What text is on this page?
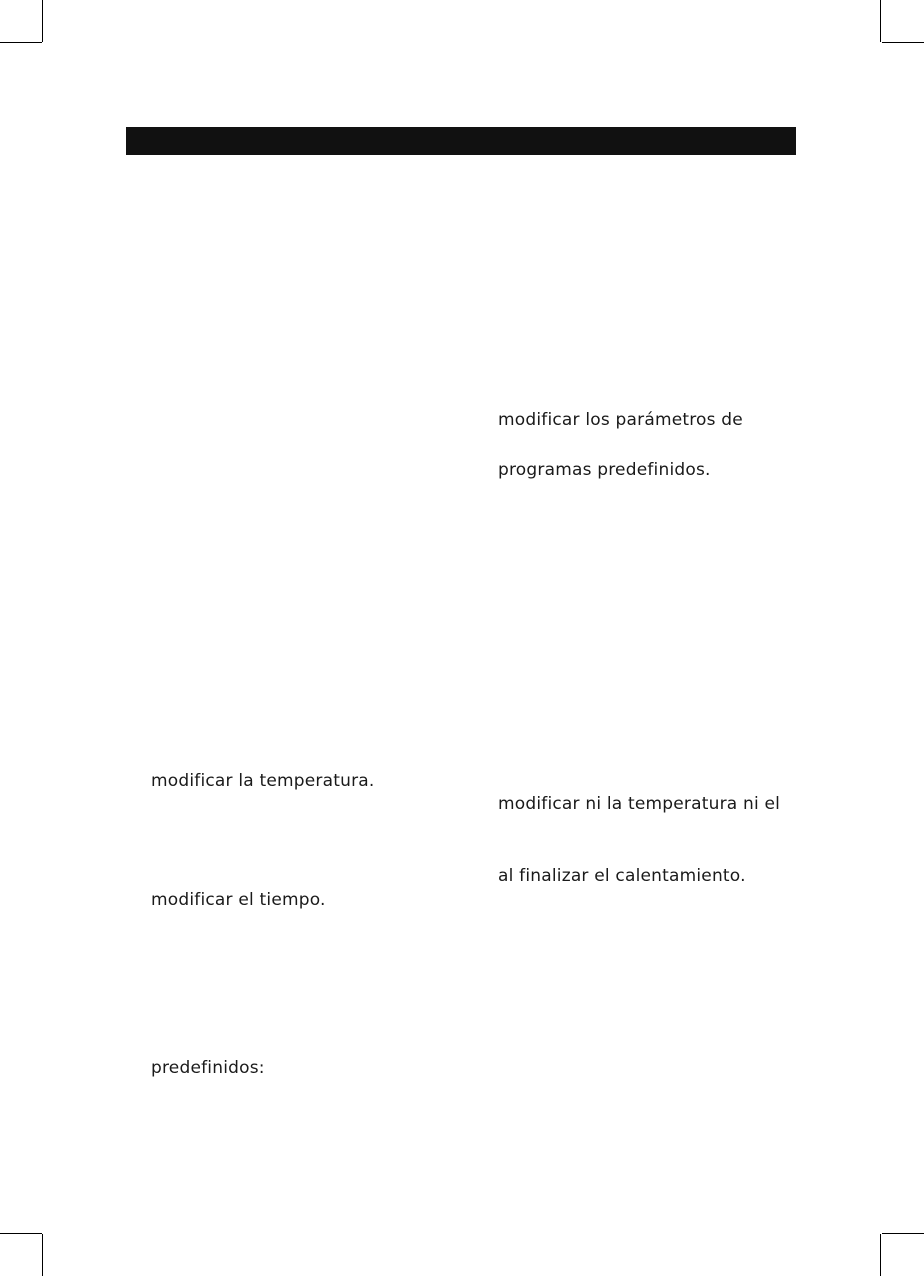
modificar los parámetros de
programas predefinidos.
modificar ni la temperatura ni el
al finalizar el calentamiento.
modificar la temperatura.
modificar el tiempo.
predefinidos:
